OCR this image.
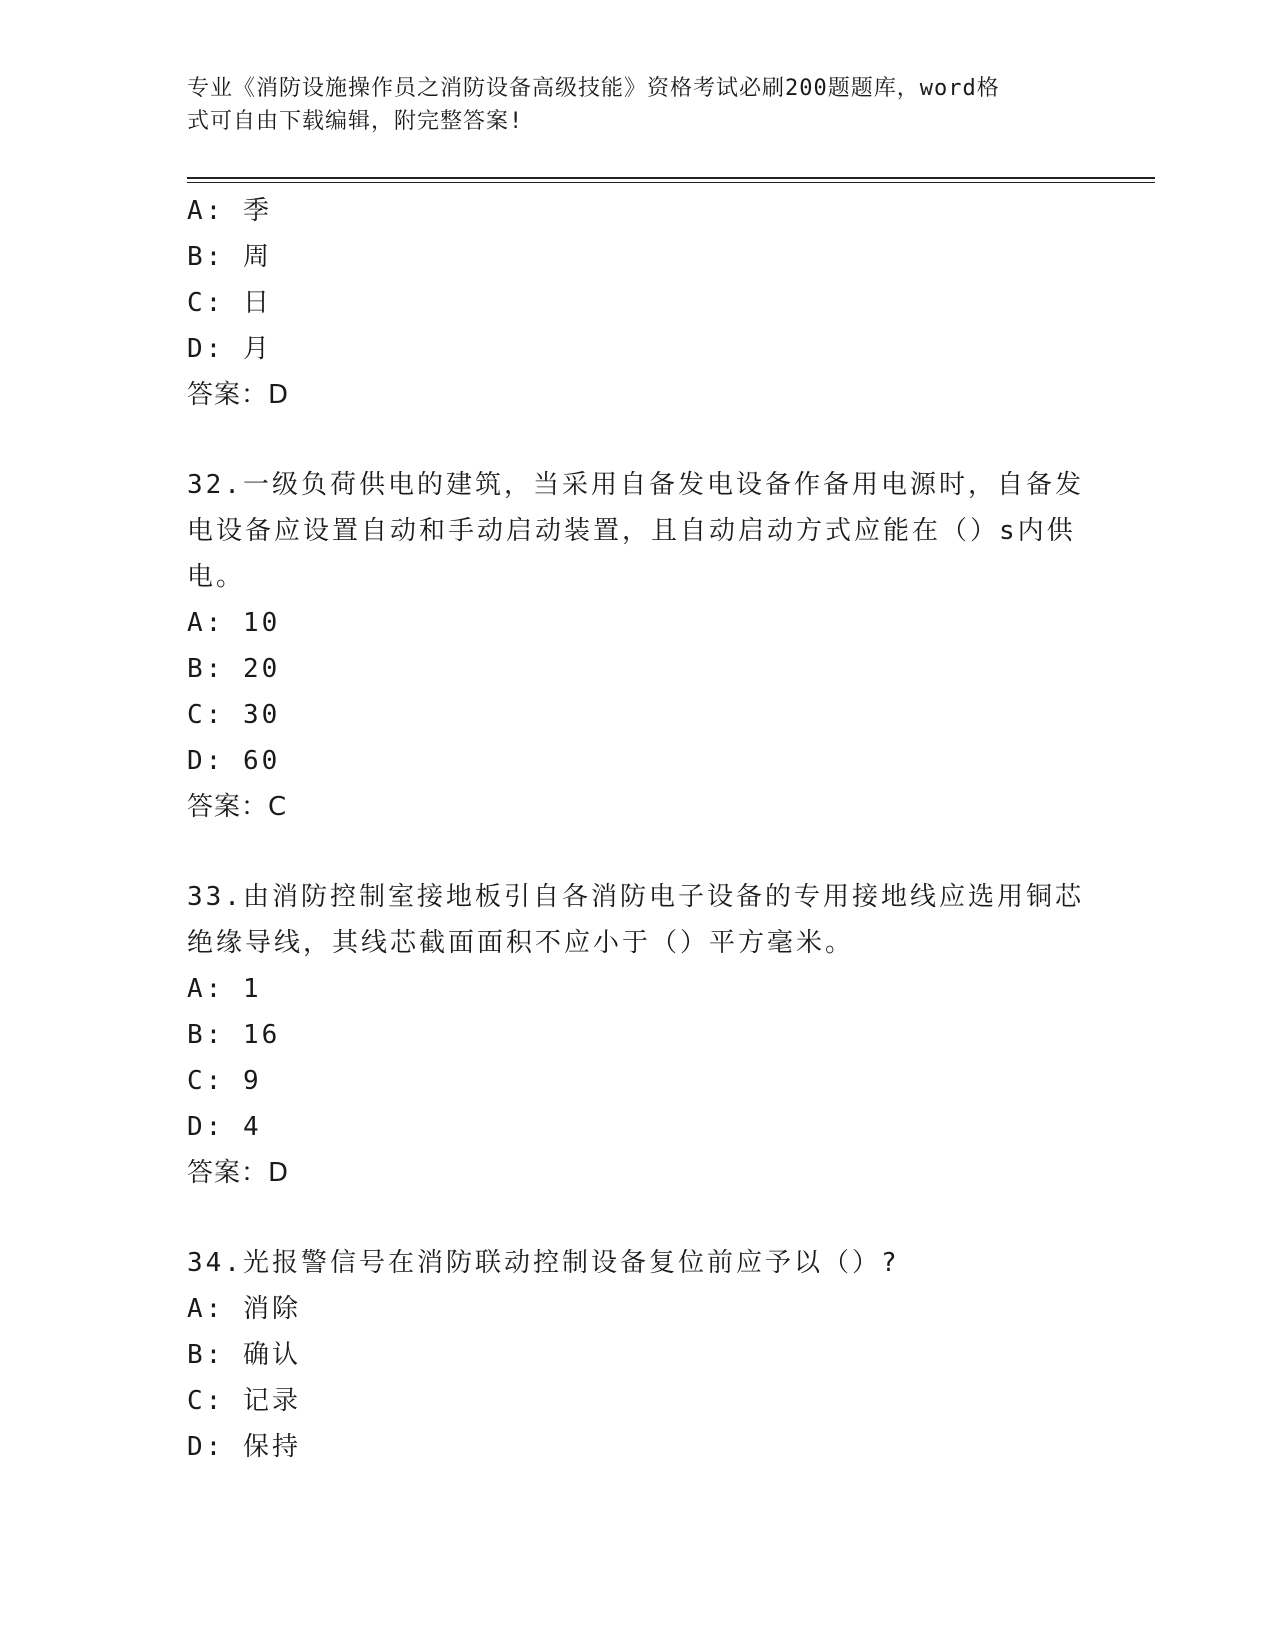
专业《消防设施操作员之消防设备高级技能》资格考试必刷200题题库，word格
式可自由下载编辑，附完整答案!
A: 季
B: 周
C: 日
D: 月
答案：D
32.一级负荷供电的建筑，当采用自备发电设备作备用电源时，自备发
电设备应设置自动和手动启动装置，且自动启动方式应能在（）s内供
电。
A: 10
B: 20
C: 30
D: 60
答案：C
33.由消防控制室接地板引自各消防电子设备的专用接地线应选用铜芯
绝缘导线，其线芯截面面积不应小于（）平方毫米。
A: 1
B: 16
C: 9
D: 4
答案：D
34.光报警信号在消防联动控制设备复位前应予以（）?
A: 消除
B: 确认
C: 记录
D: 保持
